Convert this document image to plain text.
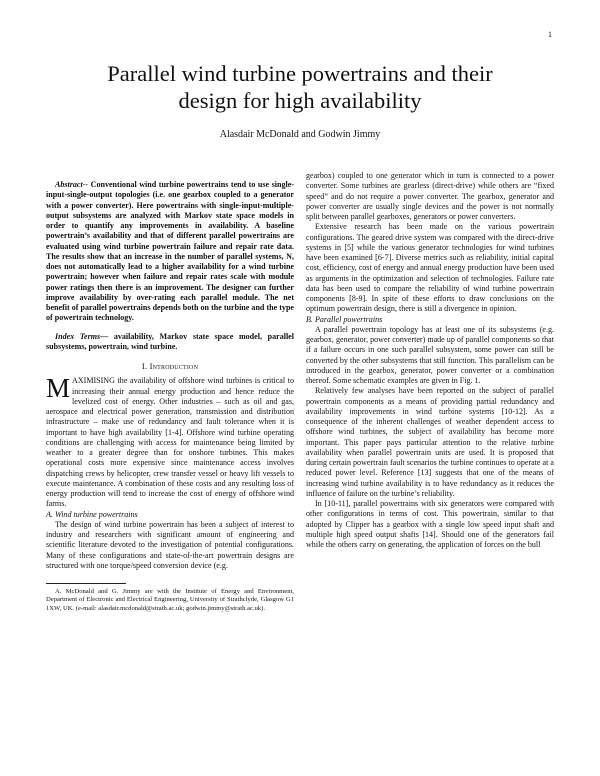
1
Parallel wind turbine powertrains and their
design for high availability
Alasdair McDonald and Godwin Jimmy

Abstract-- Conventional wind turbine powertrains tend to use single-input-single-output topologies (i.e. one gearbox coupled to a generator with a power converter). Here powertrains with single-input-multiple-output subsystems are analyzed with Markov state space models in order to quantify any improvements in availability. A baseline powertrain’s availability and that of different parallel powertrains are evaluated using wind turbine powertrain failure and repair rate data. The results show that an increase in the number of parallel systems, N, does not automatically lead to a higher availability for a wind turbine powertrain; however when failure and repair rates scale with module power ratings then there is an improvement. The designer can further improve availability by over-rating each parallel module. The net benefit of parallel powertrains depends both on the turbine and the type of powertrain technology.

Index Terms— availability, Markov state space model, parallel subsystems, powertrain, wind turbine.

I. Introduction

MAXIMISING the availability of offshore wind turbines is critical to increasing their annual energy production and hence reduce the levelized cost of energy. Other industries – such as oil and gas, aerospace and electrical power generation, transmission and distribution infrastructure – make use of redundancy and fault tolerance when it is important to have high availability [1-4]. Offshore wind turbine operating conditions are challenging with access for maintenance being limited by weather to a greater degree than for onshore turbines. This makes operational costs more expensive since maintenance access involves dispatching crews by helicopter, crew transfer vessel or heavy lift vessels to execute maintenance. A combination of these costs and any resulting loss of energy production will tend to increase the cost of energy of offshore wind farms.

A. Wind turbine powertrains

The design of wind turbine powertrain has been a subject of interest to industry and researchers with significant amount of engineering and scientific literature devoted to the investigation of potential configurations. Many of these configurations and state-of-the-art powertrain designs are structured with one torque/speed conversion device (e.g.

A. McDonald and G. Jimmy are with the Institute of Energy and Environment, Department of Electronic and Electrical Engineering, University of Strathclyde, Glasgow G1 1XW, UK. (e-mail: alasdair.mcdonald@strath.ac.uk; godwin.jimmy@strath.ac.uk).

gearbox) coupled to one generator which in turn is connected to a power converter. Some turbines are gearless (direct-drive) while others are “fixed speed” and do not require a power converter. The gearbox, generator and power converter are usually single devices and the power is not normally split between parallel gearboxes, generators or power converters.

Extensive research has been made on the various powertrain configurations. The geared drive system was compared with the direct-drive systems in [5] while the various generator technologies for wind turbines have been examined [6-7]. Diverse metrics such as reliability, initial capital cost, efficiency, cost of energy and annual energy production have been used as arguments in the optimization and selection of technologies. Failure rate data has been used to compare the reliability of wind turbine powertrain components [8-9]. In spite of these efforts to draw conclusions on the optimum powertrain design, there is still a divergence in opinion.

B. Parallel powertrains

A parallel powertrain topology has at least one of its subsystems (e.g. gearbox, generator, power converter) made up of parallel components so that if a failure occurs in one such parallel subsystem, some power can still be converted by the other subsystems that still function. This parallelism can be introduced in the gearbox, generator, power converter or a combination thereof. Some schematic examples are given in Fig. 1.

Relatively few analyses have been reported on the subject of parallel powertrain components as a means of providing partial redundancy and availability improvements in wind turbine systems [10-12]. As a consequence of the inherent challenges of weather dependent access to offshore wind turbines, the subject of availability has become more important. This paper pays particular attention to the relative turbine availability when parallel powertrain units are used. It is proposed that during certain powertrain fault scenarios the turbine continues to operate at a reduced power level. Reference [13] suggests that one of the means of increasing wind turbine availability is to have redundancy as it reduces the influence of failure on the turbine’s reliability.

In [10-11], parallel powertrains with six generators were compared with other configurations in terms of cost. This powertrain, similar to that adopted by Clipper has a gearbox with a single low speed input shaft and multiple high speed output shafts [14]. Should one of the generators fail while the others carry on generating, the application of forces on the bull
